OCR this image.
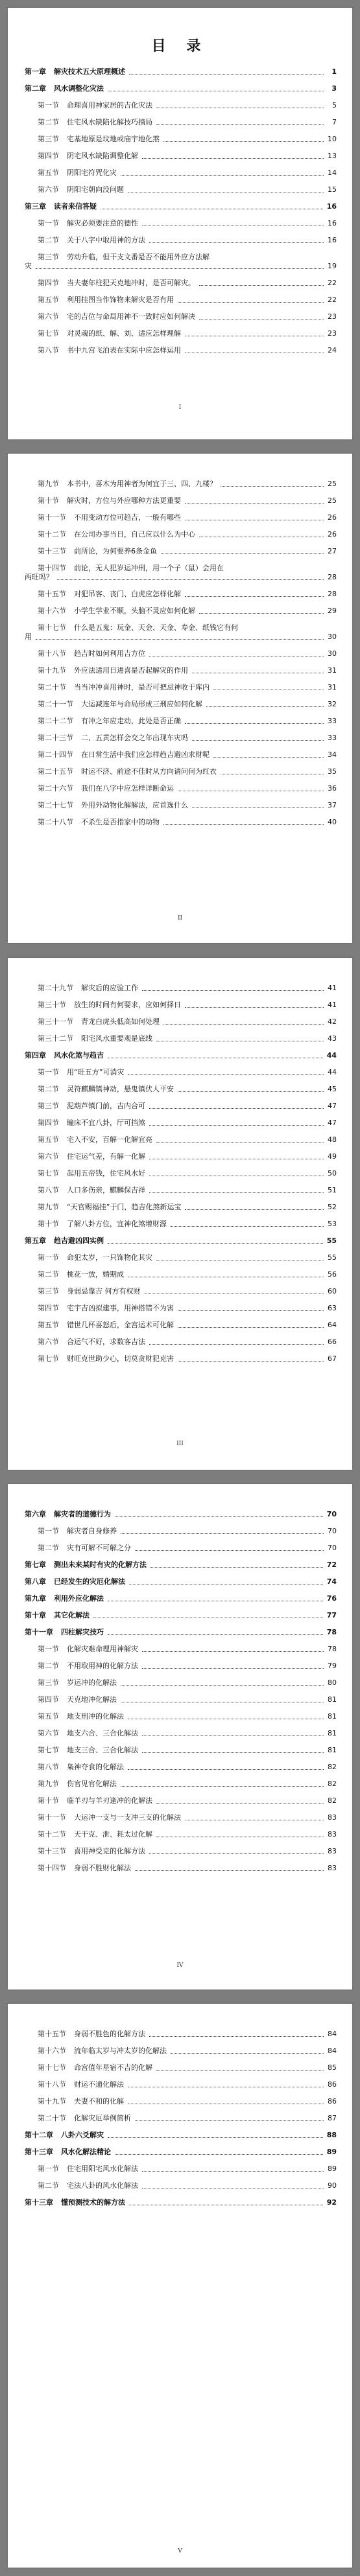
目 录
第一章 解灾技术五大原理概述	1
第二章 风水调整化灾法	3
第一节 命理喜用神家居的吉化灾法	5
第二节 住宅风水缺陷化解技巧摘局	7
第三节 宅基地原是坟地或庙宇地化煞	10
第四节 阴宅风水缺陷调整化解	13
第五节 阴阳宅符咒化灾	14
第六节 阴阳宅朝向没问题	15
第三章 读者来信答疑	16
第一节 解灾必须要注意的德性	16
第二节 关于八字中取用神的方法	16
第三节 劳动升临，但干支文番是否不能用外应方法解
灾	19
第四节 当夫妻年柱犯天克地冲时，是否可解灾。	22
第五节 利用挂图当作饰物来解灾是否有用	22
第六节 宅的吉位与命局用神不一致时应如何解决	23
第七节 对灵魂的纸、解、刘、适应怎样理解	23
第八节 书中九宫飞泊表在实际中应怎样运用	24
I
第九节 本书中，喜木为用神者为何宜于三、四、九楼？	25
第十节 解灾时，方位与外应哪种方法更重要	25
第十一节 不用变动方位可趋吉，一般有哪些	26
第十二节 在公司办事当日，自己应以什么为中心	26
第十三节 前所论，为何要养6条金鱼	27
第十四节 前论，无人犯岁运冲刑，用一个子（鼠）会用在
两旺吗？	28
第十五节 对犯吊客、丧门、白虎应怎样化解	28
第十六节 小学生学业不顺，头脑不灵应如何化解	29
第十七节 什么是五鬼：玩金、天金、天金、寿金、纸钱它有何
用	30
第十八节 趋吉时如何利用吉方位	30
第十九节 外应法适用日进喜是否起解灾的作用	31
第二十节 当当冲冲喜用神时，是否可把忌神收于库内	31
第二十一节 大运减连年与命局形成三刑应如何化解	32
第二十二节 有冲之年应走动，此处是否正确	33
第二十三节 二、五黄怎样会交之年出现车灾吗	33
第二十四节 在日常生活中我们应怎样趋吉避凶求财呢	34
第二十五节 时运不济、前途不佳时从方向请问何为红衣	35
第二十六节 我们在八字中应怎样详断命运	36
第二十七节 外用外动物化解解法，应首选什么	37
第二十八节 不杀生是否指家中的动物	40
II
第二十九节 解灾后的应验工作	41
第三十节 放生的时间有何要求，应如何择日	41
第三十一节 青龙白虎头低高如何处理	42
第三十二节 阳宅风水重要观是底线	43
第四章 风水化煞与趋吉	44
第一节 用“旺五方”可消灾	44
第二节 灵符麒麟镇神动，悬鬼镇伏人平安	45
第三节 泥葫芦镇门前，吉内合可	47
第四节 瞳床不宜八卦，厅可挡煞	47
第五节 宅入不安，百解一化解宜亮	48
第六节 住宅运气差，有解一化解	49
第七节 起用五帝钱，住宅风水好	50
第八节 人口多伤亲，麒麟保吉祥	51
第九节 “天官赐福挂”于门，趋吉化煞新运宝	52
第十节 了解八卦方位，宜神化煞增财源	53
第五章 趋吉避凶四实例	55
第一节 命犯太岁，一只饰物化其灾	55
第二节 桃花一放，婚期成	56
第三节 身弱忌靠吉 何方有权财	60
第四节 宅宇吉凶拟建事，用神搭错不为害	63
第五节 错世几杯喜怒后，金宫运术可化解	64
第六节 合运气不好，求数客吉法	66
第七节 财旺克世助少心，切莫贪财犯克害	67
III
第六章 解灾者的道德行为	70
第一节 解灾者自身修养	70
第二节 灾有可解不可解之分	70
第七章 测出未来某时有灾的化解方法	72
第八章 已经发生的灾厄化解法	74
第九章 利用外应化解法	76
第十章 其它化解法	77
第十一章 四柱解灾技巧	78
第一节 化解灾难命理用神解灾	78
第二节 不用取用神的化解方法	79
第三节 岁运冲的化解法	80
第四节 天克地冲化解法	81
第五节 地支刑冲的化解法	81
第六节 地支六合、三合化解法	81
第七节 地支三合、三合化解法	81
第八节 枭神夺食的化解法	82
第九节 伤官见官化解法	82
第十节 临羊刃与羊刃逢冲的化解法	82
第十一节 大运冲一支与一支冲三支的化解法	83
第十二节 天干克、泄、耗太过化解	83
第十三节 喜用神受克的化解方法	83
第十四节 身弱不胜财化解法	83
IV
第十五节 身弱不胜色的化解方法	84
第十六节 流年临太岁与冲太岁的化解法	84
第十七节 命宫值年星宿不吉的化解	85
第十八节 财运不通化解法	86
第十九节 夫妻不和的化解	86
第二十节 化解灾厄举例简析	87
第十二章 八卦六爻解灾	88
第十三章 风水化解法精论	89
第一节 住宅用阳宅风水化解法	89
第二节 宅法八卦的风水化解法	90
第十三章 懂预测技术的解方法	92
V
